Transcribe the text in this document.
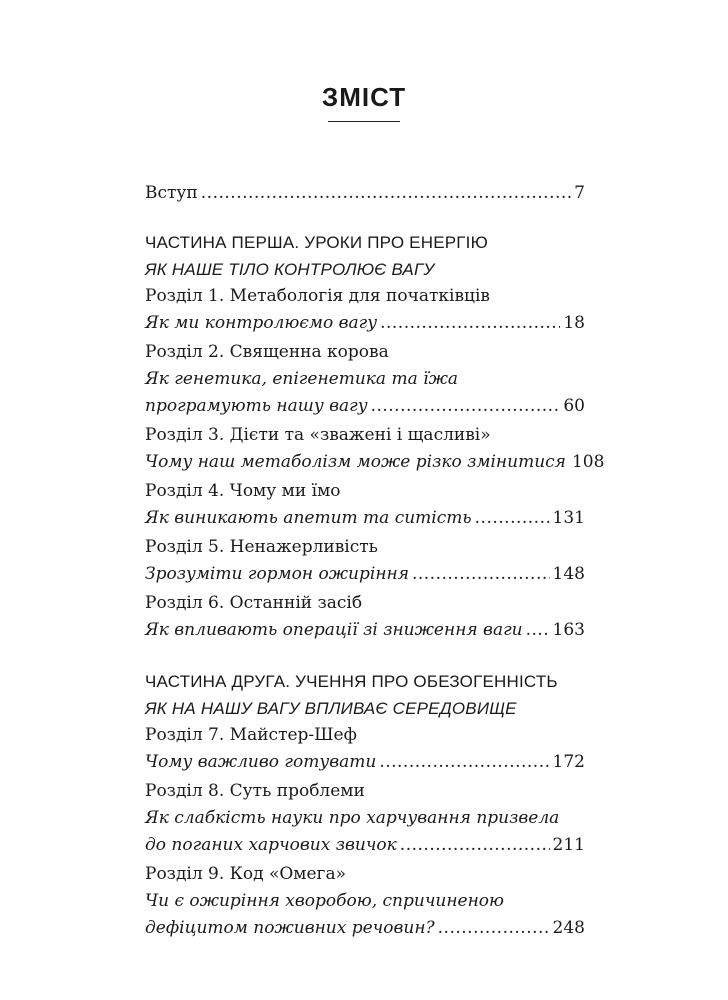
ЗМІСТ
Вступ .....	7
ЧАСТИНА ПЕРША. УРОКИ ПРО ЕНЕРГІЮ
ЯК НАШЕ ТІЛО КОНТРОЛЮЄ ВАГУ
Розділ 1. Метабологія для початківців
Як ми контролюємо вагу .....	18
Розділ 2. Священна корова
Як генетика, епігенетика та їжа
програмують нашу вагу .....	60
Розділ 3. Дієти та «зважені і щасливі»
Чому наш метаболізм може різко змінитися 108
Розділ 4. Чому ми їмо
Як виникають апетит та ситість .....	131
Розділ 5. Ненажерливість
Зрозуміти гормон ожиріння .....	148
Розділ 6. Останній засіб
Як впливають операції зі зниження ваги ..... 163
ЧАСТИНА ДРУГА. УЧЕННЯ ПРО ОБЕЗОГЕННІСТЬ
ЯК НА НАШУ ВАГУ ВПЛИВАЄ СЕРЕДОВИЩЕ
Розділ 7. Майстер-Шеф
Чому важливо готувати .....	172
Розділ 8. Суть проблеми
Як слабкість науки про харчування призвела
до поганих харчових звичок .....	211
Розділ 9. Код «Омега»
Чи є ожиріння хворобою, спричиненою
дефіцитом поживних речовин? .....	248
